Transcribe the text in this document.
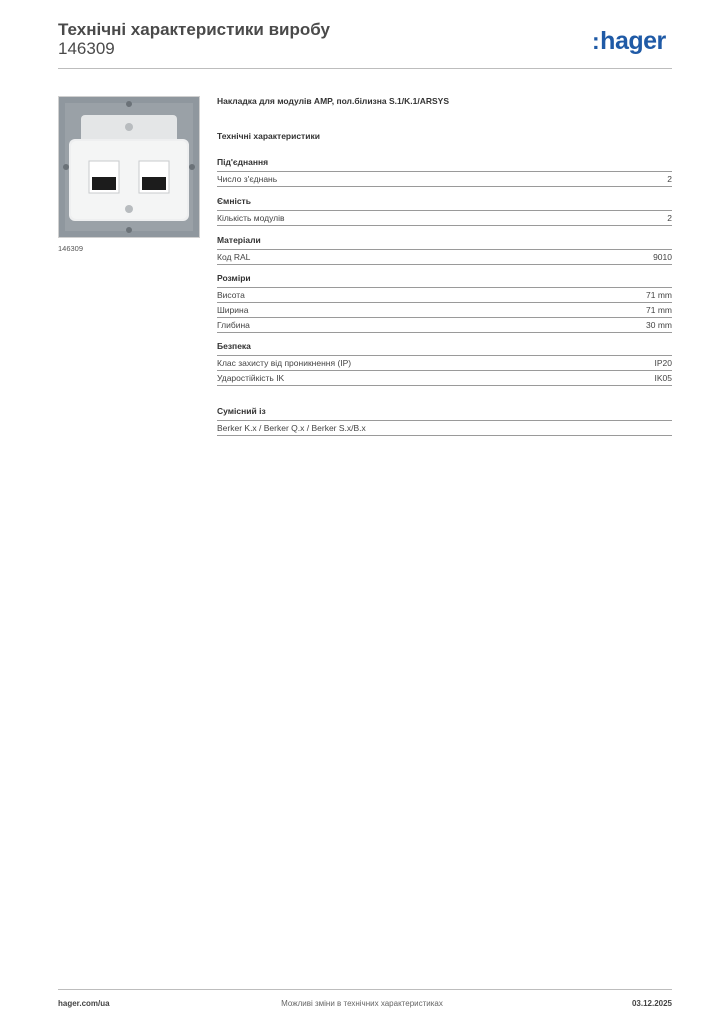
Технічні характеристики виробу
146309	:hager
146309
Накладка для модулів AMP, пол.білизна S.1/K.1/ARSYS
Технічні характеристики
Під'єднання
Число з'єднань	2
Ємність
Кількість модулів	2
Матеріали
Код RAL	9010
Розміри
Висота	71 mm
Ширина	71 mm
Глибина	30 mm
Безпека
Клас захисту від проникнення (IP)	IP20
Ударостійкість IK	IK05
Сумісний із
Berker K.x / Berker Q.x / Berker S.x/B.x
hager.com/ua	Можливі зміни в технічних характеристиках	03.12.2025
